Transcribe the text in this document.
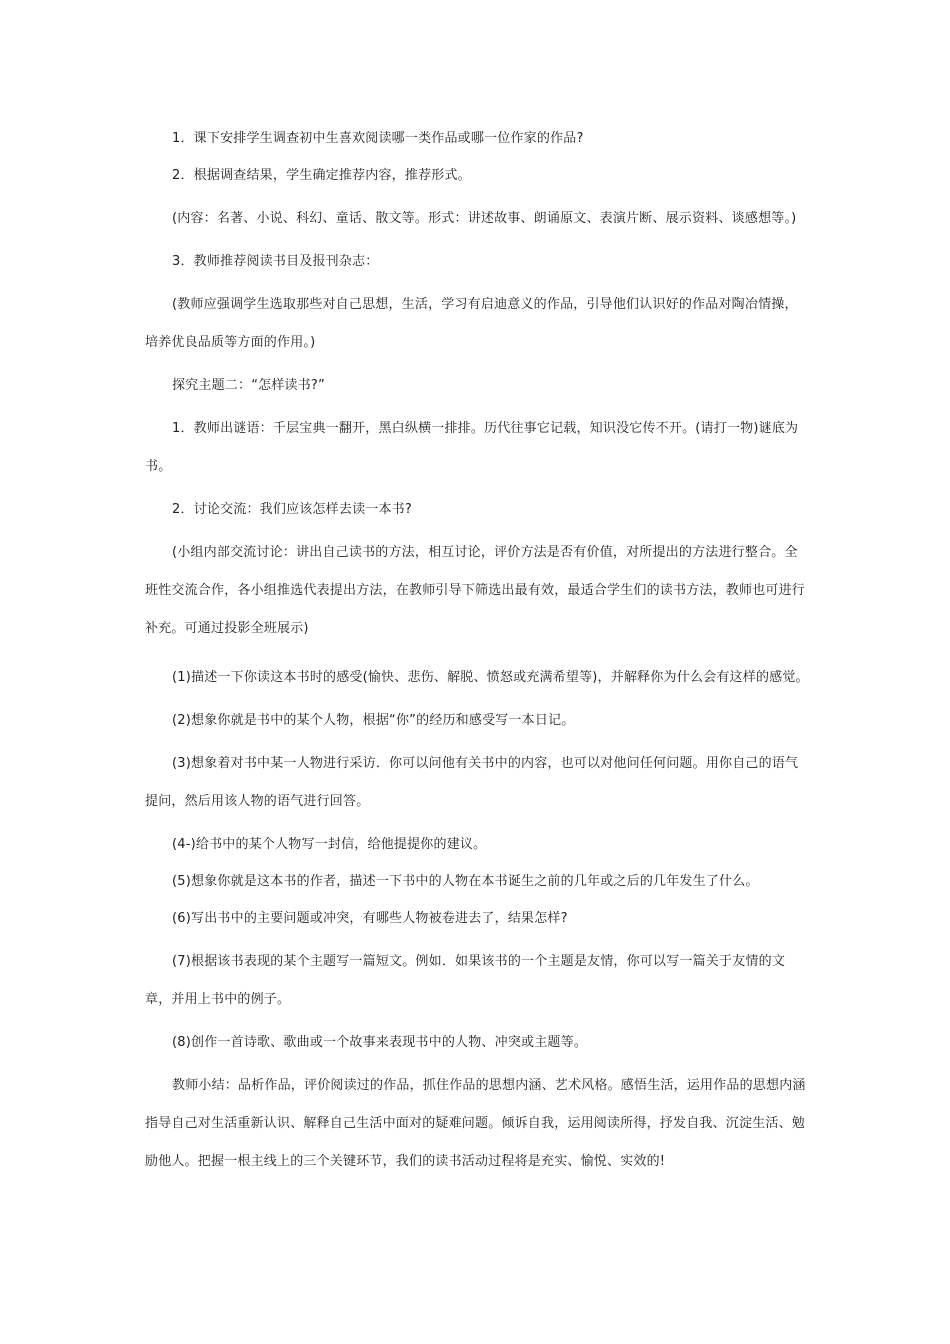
1．课下安排学生调查初中生喜欢阅读哪一类作品或哪一位作家的作品?

2．根据调查结果，学生确定推荐内容，推荐形式。

(内容：名著、小说、科幻、童话、散文等。形式：讲述故事、朗诵原文、表演片断、展示资料、谈感想等。)

3．教师推荐阅读书目及报刊杂志：

(教师应强调学生选取那些对自己思想，生活，学习有启迪意义的作品，引导他们认识好的作品对陶冶情操，培养优良品质等方面的作用。)

探究主题二：“怎样读书?”

1．教师出谜语：千层宝典一翻开，黑白纵横一排排。历代往事它记载，知识没它传不开。(请打一物)谜底为书。

2．讨论交流：我们应该怎样去读一本书?

(小组内部交流讨论：讲出自己读书的方法，相互讨论，评价方法是否有价值，对所提出的方法进行整合。全班性交流合作，各小组推选代表提出方法，在教师引导下筛选出最有效，最适合学生们的读书方法，教师也可进行补充。可通过投影全班展示)

(1)描述一下你读这本书时的感受(愉快、悲伤、解脱、愤怒或充满希望等)，并解释你为什么会有这样的感觉。

(2)想象你就是书中的某个人物，根据“你”的经历和感受写一本日记。

(3)想象着对书中某一人物进行采访．你可以问他有关书中的内容，也可以对他问任何问题。用你自己的语气提问，然后用该人物的语气进行回答。

(4-)给书中的某个人物写一封信，给他提提你的建议。

(5)想象你就是这本书的作者，描述一下书中的人物在本书诞生之前的几年或之后的几年发生了什么。

(6)写出书中的主要问题或冲突，有哪些人物被卷进去了，结果怎样?

(7)根据该书表现的某个主题写一篇短文。例如．如果该书的一个主题是友情，你可以写一篇关于友情的文章，并用上书中的例子。

(8)创作一首诗歌、歌曲或一个故事来表现书中的人物、冲突或主题等。

教师小结：品析作品，评价阅读过的作品，抓住作品的思想内涵、艺术风格。感悟生活，运用作品的思想内涵指导自己对生活重新认识、解释自己生活中面对的疑难问题。倾诉自我，运用阅读所得，抒发自我、沉淀生活、勉励他人。把握一根主线上的三个关键环节，我们的读书活动过程将是充实、愉悦、实效的!
